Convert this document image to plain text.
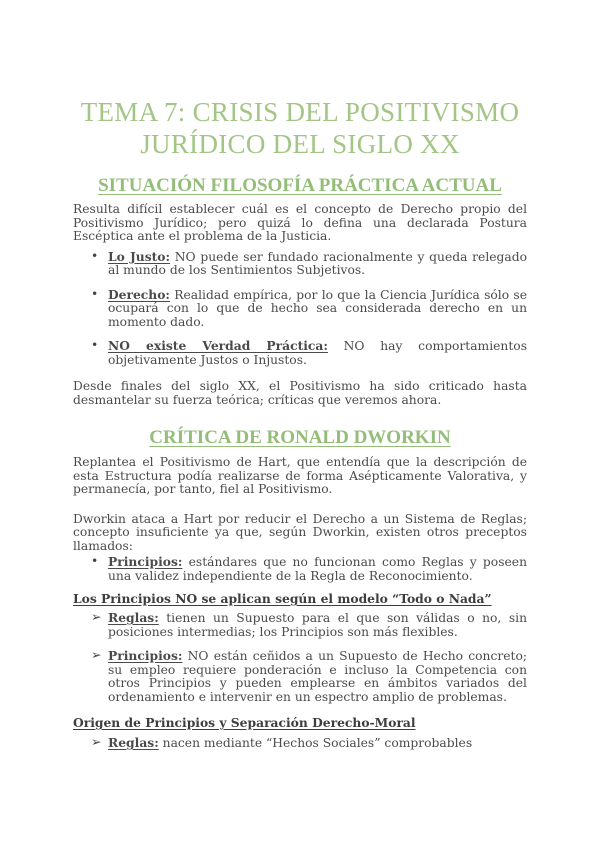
TEMA 7: CRISIS DEL POSITIVISMO
JURÍDICO DEL SIGLO XX
SITUACIÓN FILOSOFÍA PRÁCTICA ACTUAL

Resulta difícil establecer cuál es el concepto de Derecho propio del Positivismo Jurídico; pero quizá lo defina una declarada Postura Escéptica ante el problema de la Justicia.

• Lo Justo: NO puede ser fundado racionalmente y queda relegado al mundo de los Sentimientos Subjetivos.
• Derecho: Realidad empírica, por lo que la Ciencia Jurídica sólo se ocupará con lo que de hecho sea considerada derecho en un momento dado.
• NO existe Verdad Práctica: NO hay comportamientos objetivamente Justos o Injustos.

Desde finales del siglo XX, el Positivismo ha sido criticado hasta desmantelar su fuerza teórica; críticas que veremos ahora.

CRÍTICA DE RONALD DWORKIN

Replantea el Positivismo de Hart, que entendía que la descripción de esta Estructura podía realizarse de forma Asépticamente Valorativa, y permanecía, por tanto, fiel al Positivismo.

Dworkin ataca a Hart por reducir el Derecho a un Sistema de Reglas; concepto insuficiente ya que, según Dworkin, existen otros preceptos llamados:

• Principios: estándares que no funcionan como Reglas y poseen una validez independiente de la Regla de Reconocimiento.
Los Principios NO se aplican según el modelo “Todo o Nada”
➢ Reglas: tienen un Supuesto para el que son válidas o no, sin posiciones intermedias; los Principios son más flexibles.
➢ Principios: NO están ceñidos a un Supuesto de Hecho concreto; su empleo requiere ponderación e incluso la Competencia con otros Principios y pueden emplearse en ámbitos variados del ordenamiento e intervenir en un espectro amplio de problemas.
Origen de Principios y Separación Derecho-Moral
➢ Reglas: nacen mediante “Hechos Sociales” comprobables
